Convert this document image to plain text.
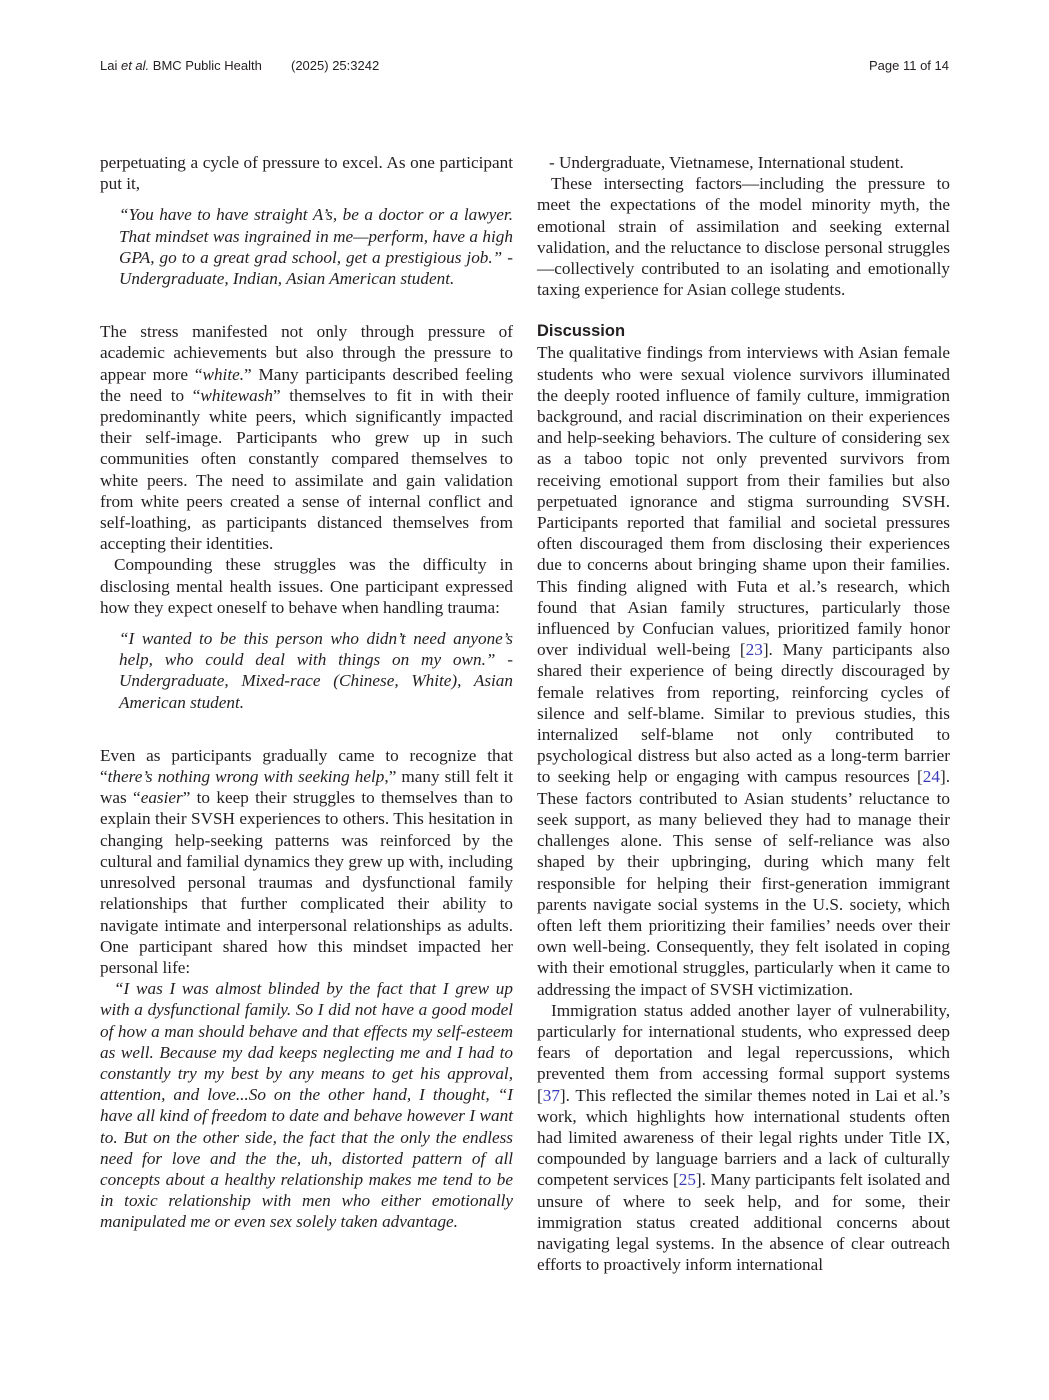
Lai et al. BMC Public Health (2025) 25:3242	Page 11 of 14

perpetuating a cycle of pressure to excel. As one participant put it,

“You have to have straight A’s, be a doctor or a lawyer. That mindset was ingrained in me—perform, have a high GPA, go to a great grad school, get a prestigious job.” - Undergraduate, Indian, Asian American student.

The stress manifested not only through pressure of academic achievements but also through the pressure to appear more “white.” Many participants described feeling the need to “whitewash” themselves to fit in with their predominantly white peers, which significantly impacted their self-image. Participants who grew up in such communities often constantly compared themselves to white peers. The need to assimilate and gain validation from white peers created a sense of internal conflict and self-loathing, as participants distanced themselves from accepting their identities.

Compounding these struggles was the difficulty in disclosing mental health issues. One participant expressed how they expect oneself to behave when handling trauma:

“I wanted to be this person who didn’t need anyone’s help, who could deal with things on my own.” - Undergraduate, Mixed-race (Chinese, White), Asian American student.

Even as participants gradually came to recognize that “there’s nothing wrong with seeking help,” many still felt it was “easier” to keep their struggles to themselves than to explain their SVSH experiences to others. This hesitation in changing help-seeking patterns was reinforced by the cultural and familial dynamics they grew up with, including unresolved personal traumas and dysfunctional family relationships that further complicated their ability to navigate intimate and interpersonal relationships as adults. One participant shared how this mindset impacted her personal life:

“I was I was almost blinded by the fact that I grew up with a dysfunctional family. So I did not have a good model of how a man should behave and that effects my self-esteem as well. Because my dad keeps neglecting me and I had to constantly try my best by any means to get his approval, attention, and love...So on the other hand, I thought, “I have all kind of freedom to date and behave however I want to. But on the other side, the fact that the only the endless need for love and the the, uh, distorted pattern of all concepts about a healthy relationship makes me tend to be in toxic relationship with men who either emotionally manipulated me or even sex solely taken advantage.

- Undergraduate, Vietnamese, International student.

These intersecting factors—including the pressure to meet the expectations of the model minority myth, the emotional strain of assimilation and seeking external validation, and the reluctance to disclose personal struggles—collectively contributed to an isolating and emotionally taxing experience for Asian college students.

Discussion

The qualitative findings from interviews with Asian female students who were sexual violence survivors illuminated the deeply rooted influence of family culture, immigration background, and racial discrimination on their experiences and help-seeking behaviors. The culture of considering sex as a taboo topic not only prevented survivors from receiving emotional support from their families but also perpetuated ignorance and stigma surrounding SVSH. Participants reported that familial and societal pressures often discouraged them from disclosing their experiences due to concerns about bringing shame upon their families. This finding aligned with Futa et al.’s research, which found that Asian family structures, particularly those influenced by Confucian values, prioritized family honor over individual well-being [23]. Many participants also shared their experience of being directly discouraged by female relatives from reporting, reinforcing cycles of silence and self-blame. Similar to previous studies, this internalized self-blame not only contributed to psychological distress but also acted as a long-term barrier to seeking help or engaging with campus resources [24]. These factors contributed to Asian students’ reluctance to seek support, as many believed they had to manage their challenges alone. This sense of self-reliance was also shaped by their upbringing, during which many felt responsible for helping their first-generation immigrant parents navigate social systems in the U.S. society, which often left them prioritizing their families’ needs over their own well-being. Consequently, they felt isolated in coping with their emotional struggles, particularly when it came to addressing the impact of SVSH victimization.

Immigration status added another layer of vulnerability, particularly for international students, who expressed deep fears of deportation and legal repercussions, which prevented them from accessing formal support systems [37]. This reflected the similar themes noted in Lai et al.’s work, which highlights how international students often had limited awareness of their legal rights under Title IX, compounded by language barriers and a lack of culturally competent services [25]. Many participants felt isolated and unsure of where to seek help, and for some, their immigration status created additional concerns about navigating legal systems. In the absence of clear outreach efforts to proactively inform international
